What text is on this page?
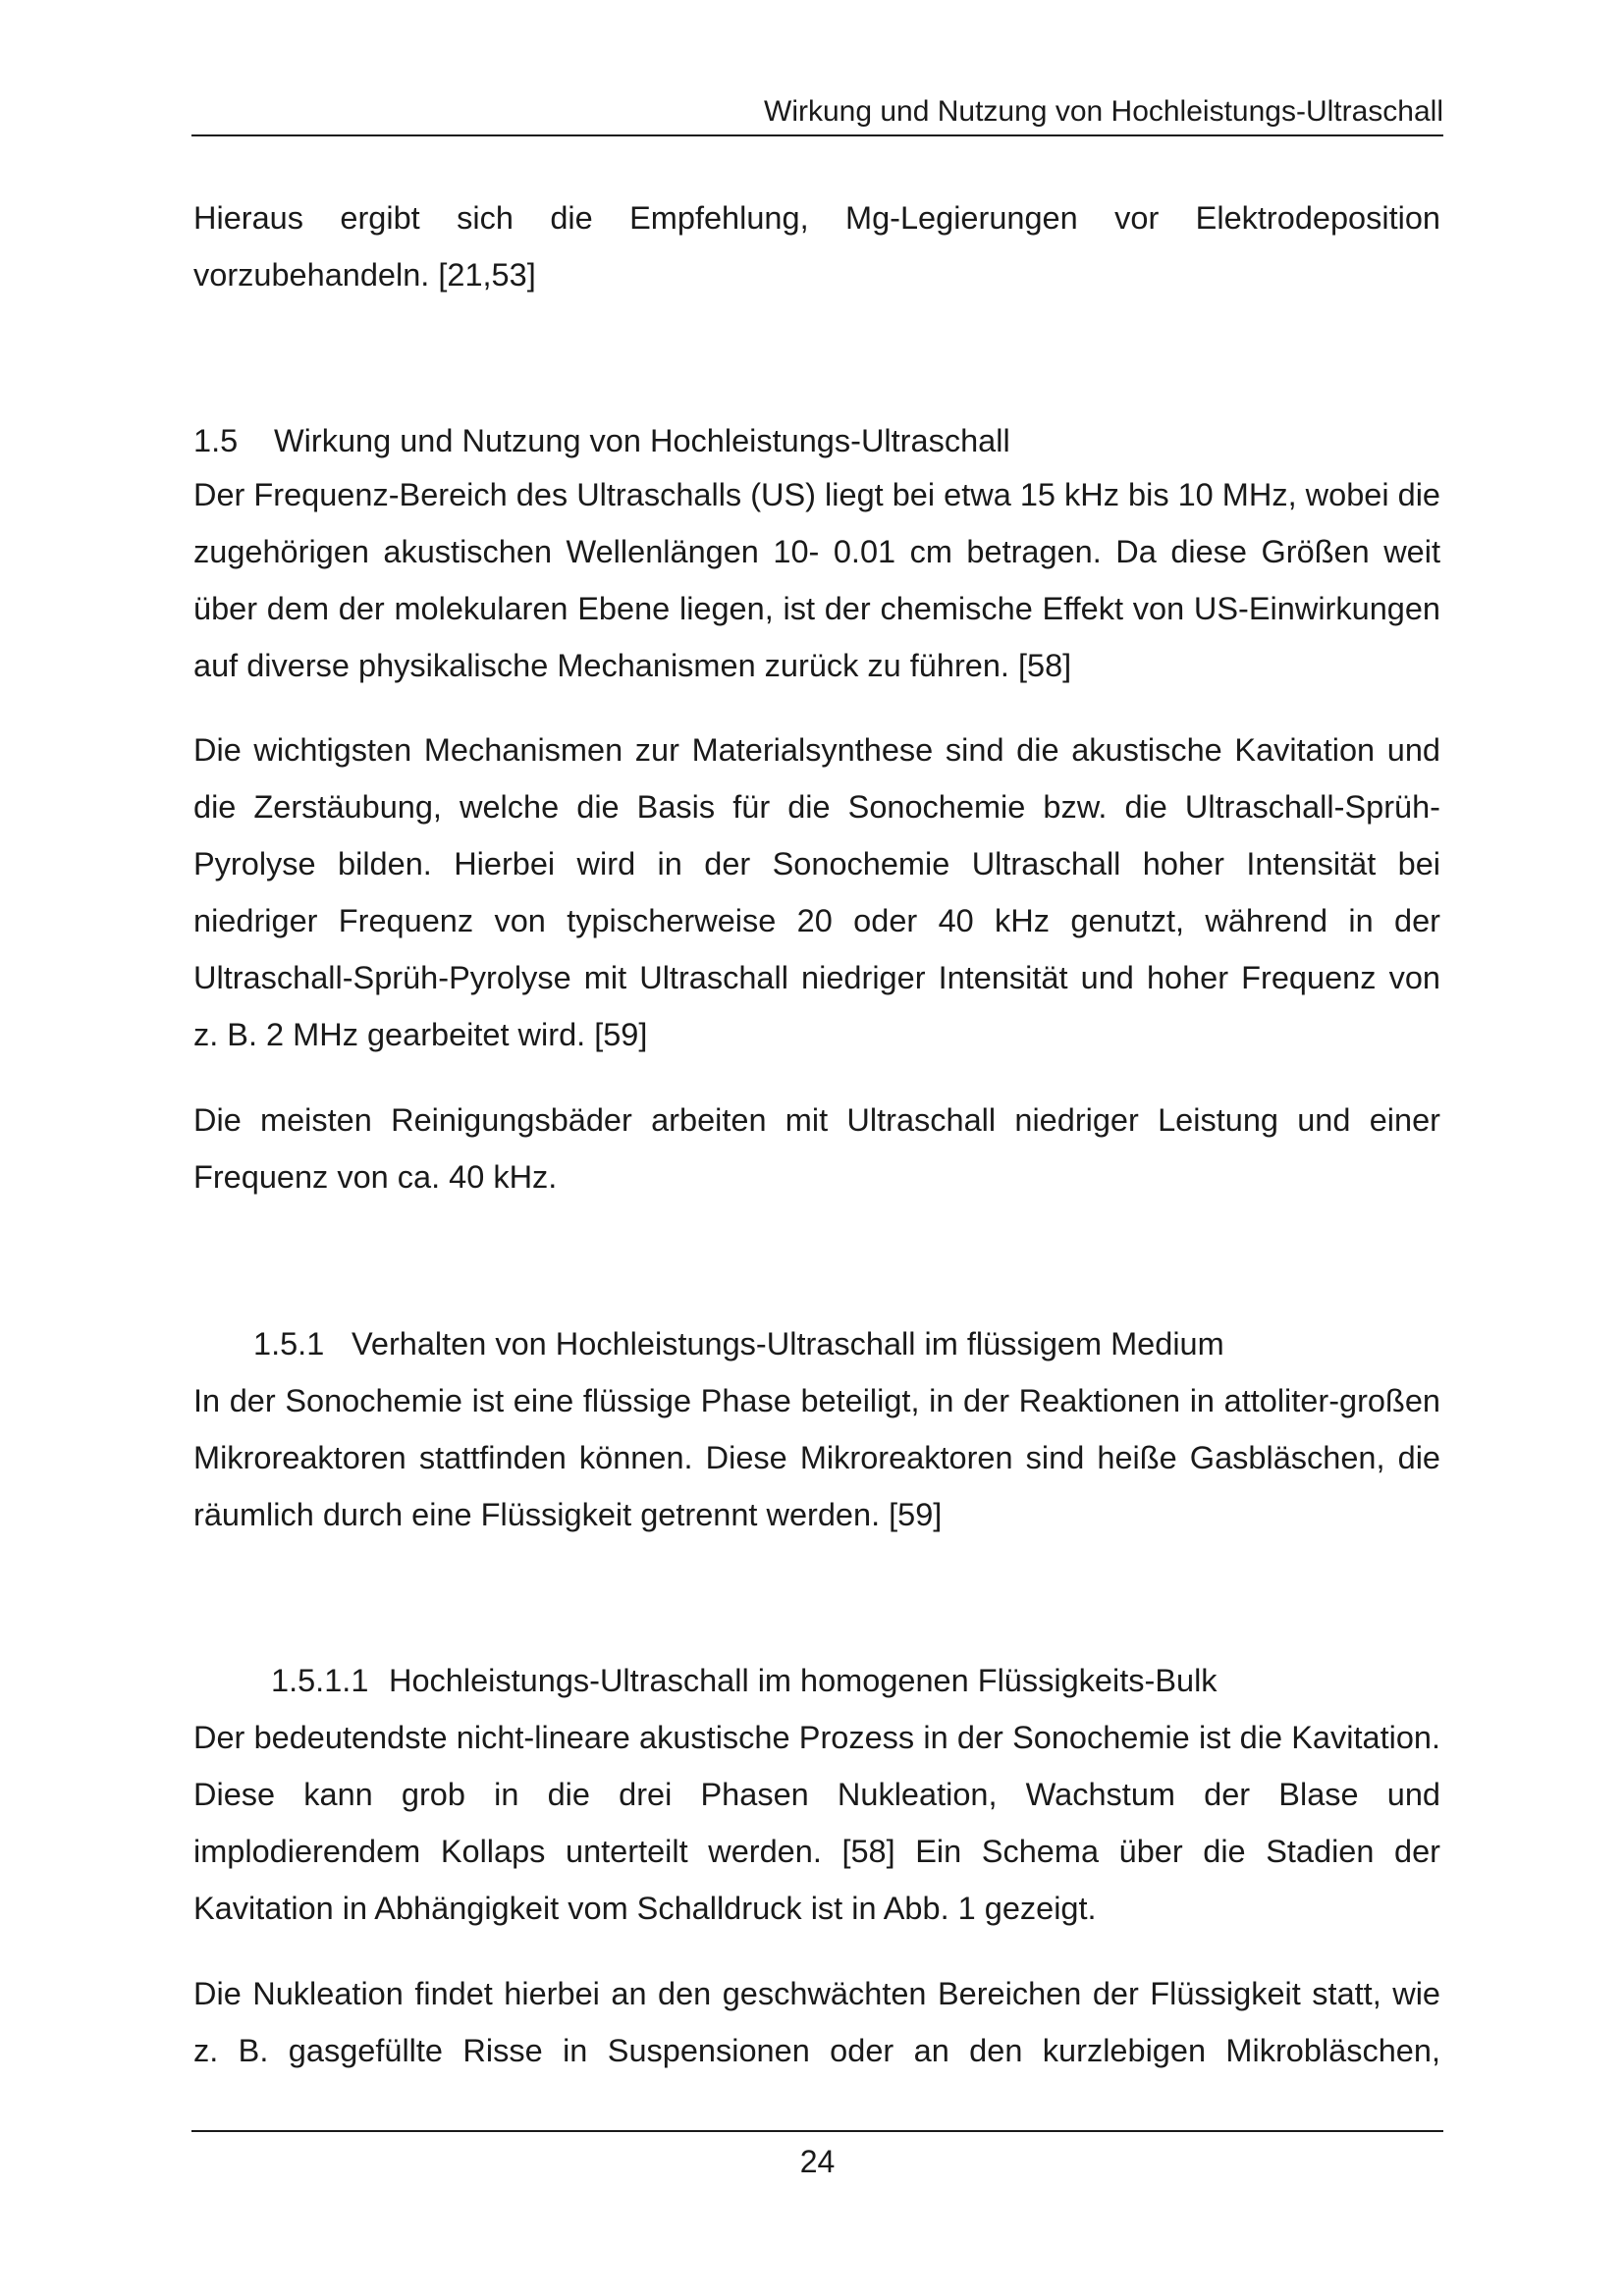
Wirkung und Nutzung von Hochleistungs-Ultraschall

Hieraus ergibt sich die Empfehlung, Mg-Legierungen vor Elektrodeposition vorzubehandeln. [21,53]

1.5 Wirkung und Nutzung von Hochleistungs-Ultraschall

Der Frequenz-Bereich des Ultraschalls (US) liegt bei etwa 15 kHz bis 10 MHz, wobei die zugehörigen akustischen Wellenlängen 10- 0.01 cm betragen. Da diese Größen weit über dem der molekularen Ebene liegen, ist der chemische Effekt von US-Einwirkungen auf diverse physikalische Mechanismen zurück zu führen. [58]

Die wichtigsten Mechanismen zur Materialsynthese sind die akustische Kavitation und die Zerstäubung, welche die Basis für die Sonochemie bzw. die Ultraschall-Sprüh-Pyrolyse bilden. Hierbei wird in der Sonochemie Ultraschall hoher Intensität bei niedriger Frequenz von typischerweise 20 oder 40 kHz genutzt, während in der Ultraschall-Sprüh-Pyrolyse mit Ultraschall niedriger Intensität und hoher Frequenz von z. B. 2 MHz gearbeitet wird. [59]

Die meisten Reinigungsbäder arbeiten mit Ultraschall niedriger Leistung und einer Frequenz von ca. 40 kHz.

1.5.1 Verhalten von Hochleistungs-Ultraschall im flüssigem Medium

In der Sonochemie ist eine flüssige Phase beteiligt, in der Reaktionen in attoliter-großen Mikroreaktoren stattfinden können. Diese Mikroreaktoren sind heiße Gasbläschen, die räumlich durch eine Flüssigkeit getrennt werden. [59]

1.5.1.1 Hochleistungs-Ultraschall im homogenen Flüssigkeits-Bulk

Der bedeutendste nicht-lineare akustische Prozess in der Sonochemie ist die Kavitation. Diese kann grob in die drei Phasen Nukleation, Wachstum der Blase und implodierendem Kollaps unterteilt werden. [58] Ein Schema über die Stadien der Kavitation in Abhängigkeit vom Schalldruck ist in Abb. 1 gezeigt.

Die Nukleation findet hierbei an den geschwächten Bereichen der Flüssigkeit statt, wie z. B. gasgefüllte Risse in Suspensionen oder an den kurzlebigen Mikrobläschen,

24
